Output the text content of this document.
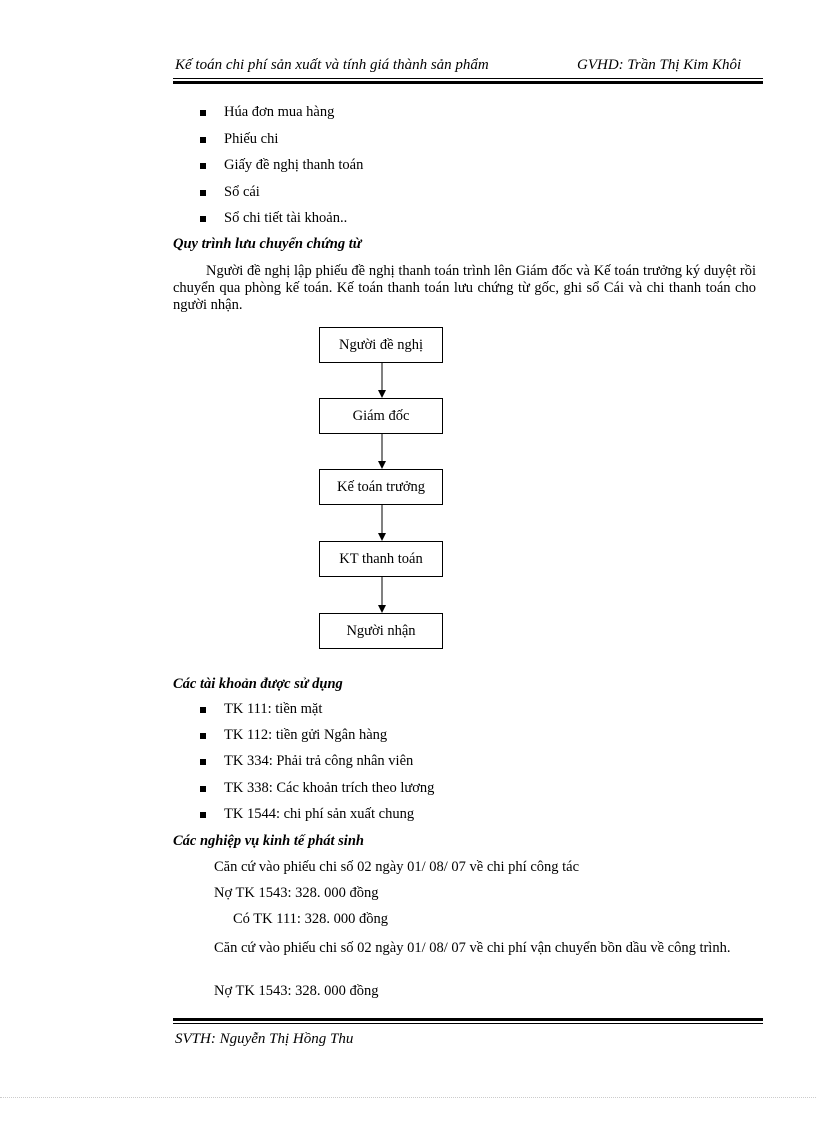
Kế toán chi phí sản xuất và tính giá thành sản phẩm	GVHD: Trần Thị Kim Khôi
Húa đơn mua hàng
Phiếu chi
Giấy đề nghị thanh toán
Sổ cái
Sổ chi tiết tài khoản..
Quy trình lưu chuyển chứng từ
Người đề nghị lập phiếu đề nghị thanh toán trình lên Giám đốc và Kế toán trưởng ký duyệt rồi chuyển qua phòng kế toán. Kế toán thanh toán lưu chứng từ gốc, ghi sổ Cái và chi thanh toán cho người nhận.
Người đề nghị
Giám đốc
Kế toán trưởng
KT thanh toán
Người nhận
Các tài khoản được sử dụng
TK 111: tiền mặt
TK 112: tiền gửi Ngân hàng
TK 334: Phải trả công nhân viên
TK 338: Các khoản trích theo lương
TK 1544: chi phí sản xuất chung
Các nghiệp vụ kinh tế phát sinh
Căn cứ vào phiếu chi số 02 ngày 01/ 08/ 07 về chi phí công tác
Nợ TK 1543: 328. 000 đồng
Có TK 111: 328. 000 đồng
Căn cứ vào phiếu chi số 02 ngày 01/ 08/ 07 về chi phí vận chuyển bồn dầu về công trình.
Nợ TK 1543: 328. 000 đồng
SVTH: Nguyễn Thị Hồng Thu
